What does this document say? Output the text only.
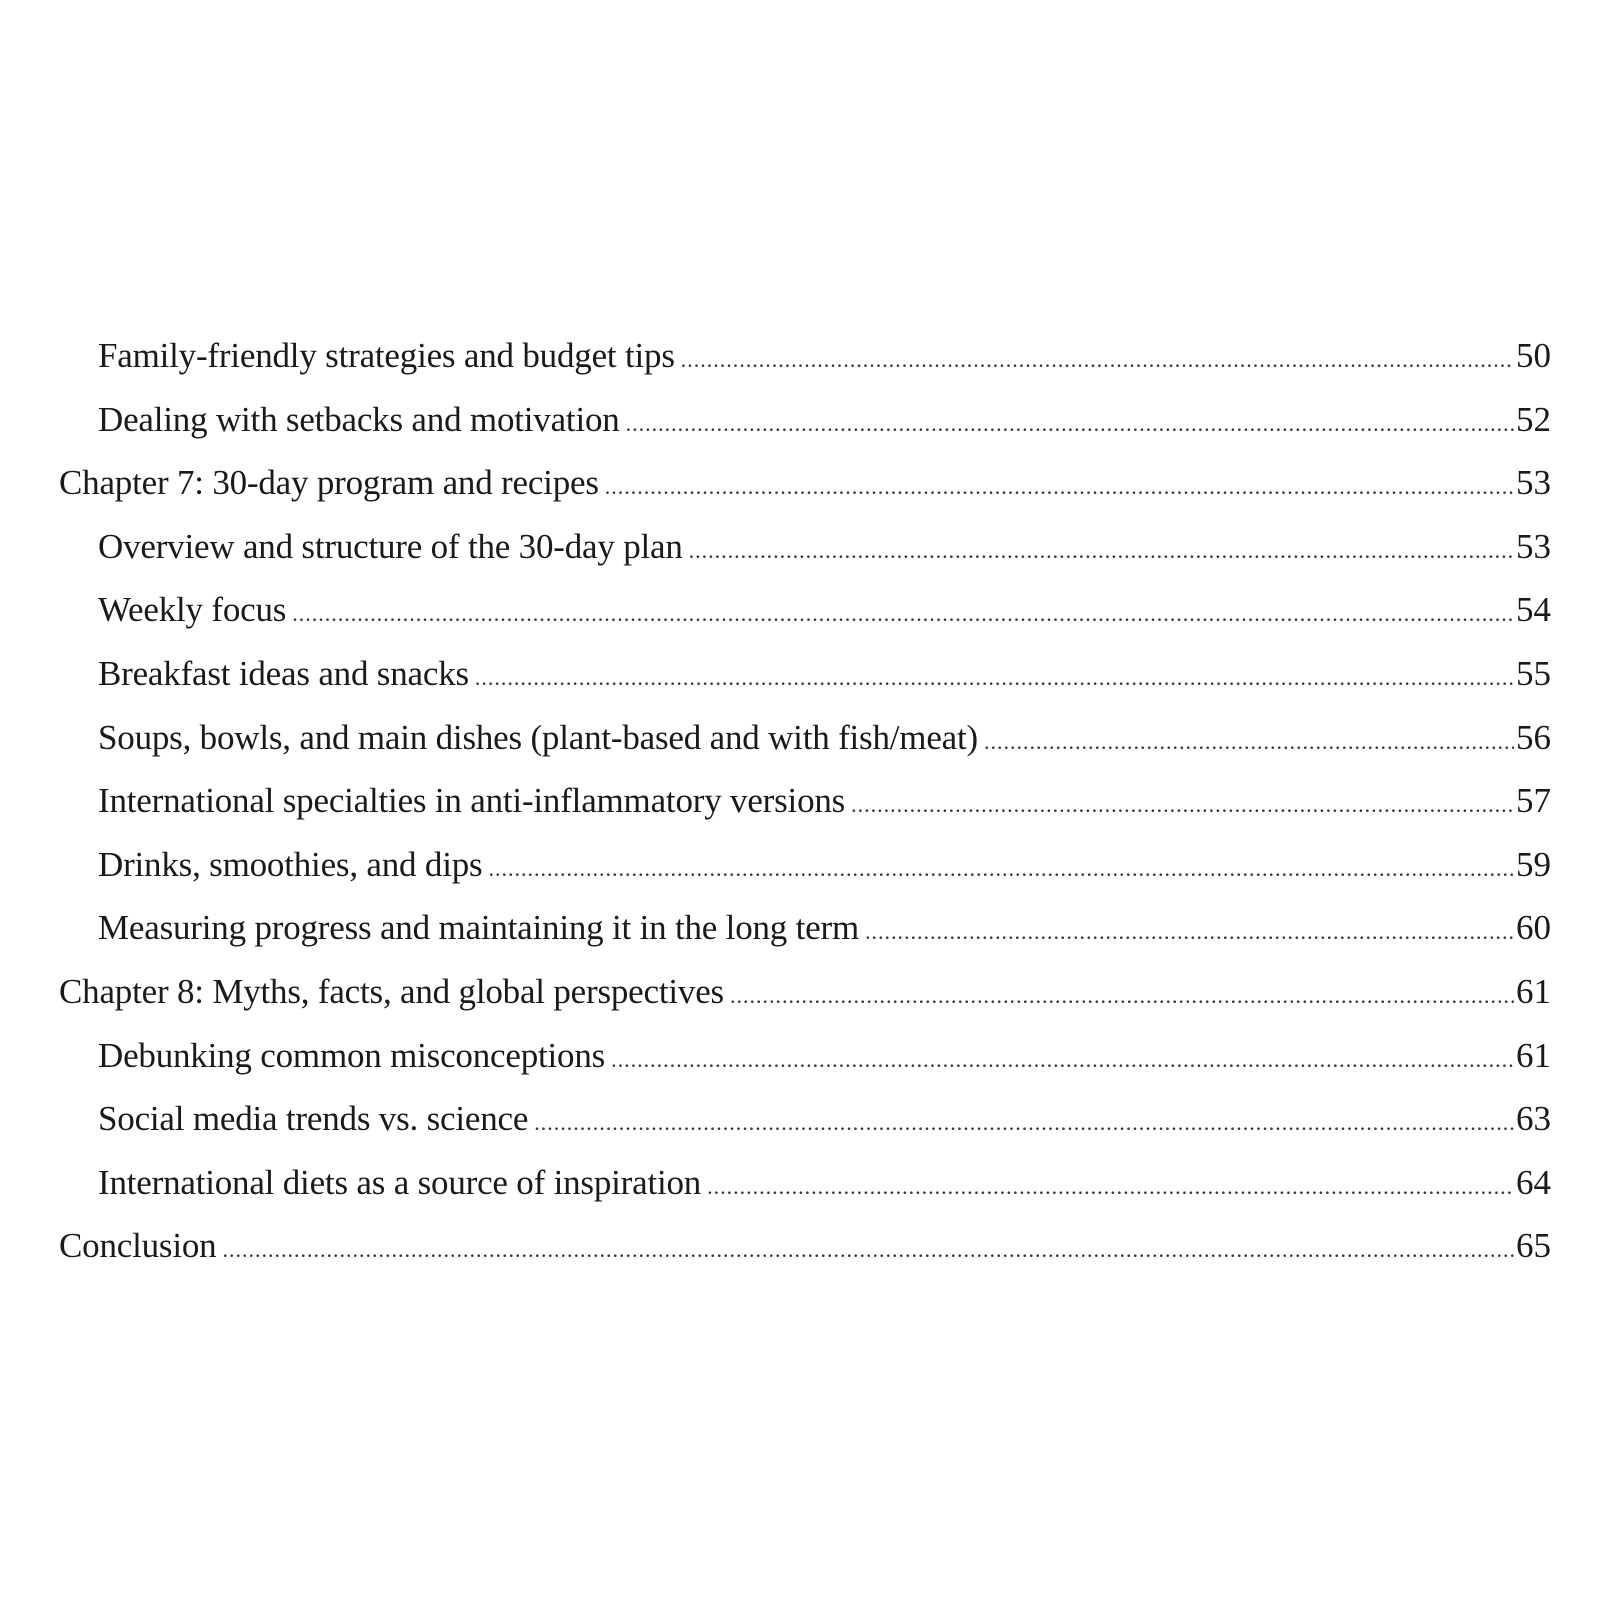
Family-friendly strategies and budget tips .....	50
Dealing with setbacks and motivation .....	52
Chapter 7: 30-day program and recipes .....	53
Overview and structure of the 30-day plan .....	53
Weekly focus .....	54
Breakfast ideas and snacks .....	55
Soups, bowls, and main dishes (plant-based and with fish/meat) .....	56
International specialties in anti-inflammatory versions .....	57
Drinks, smoothies, and dips .....	59
Measuring progress and maintaining it in the long term .....	60
Chapter 8: Myths, facts, and global perspectives .....	61
Debunking common misconceptions .....	61
Social media trends vs. science .....	63
International diets as a source of inspiration .....	64
Conclusion .....	65
